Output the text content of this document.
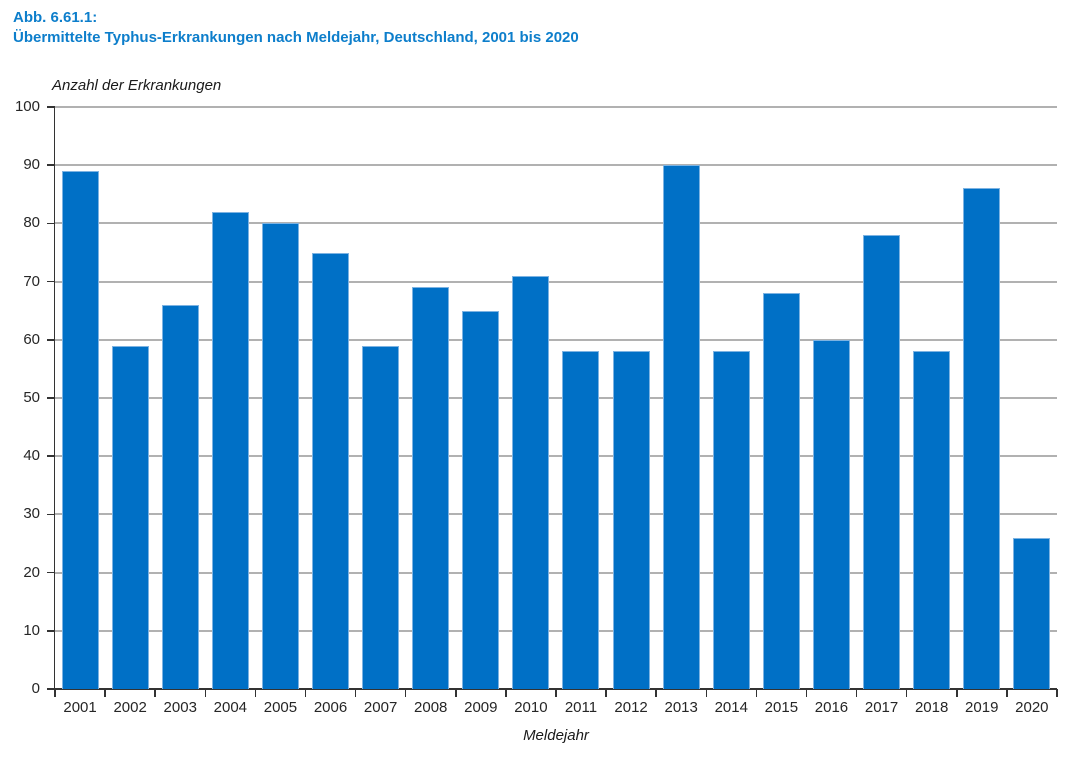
Abb. 6.61.1:
Übermittelte Typhus-Erkrankungen nach Meldejahr, Deutschland, 2001 bis 2020
Anzahl der Erkrankungen
0
10
20
30
40
50
60
70
80
90
100
2001	2002	2003	2004	2005	2006	2007	2008	2009	2010	2011	2012	2013	2014	2015	2016	2017	2018	2019	2020
Meldejahr
